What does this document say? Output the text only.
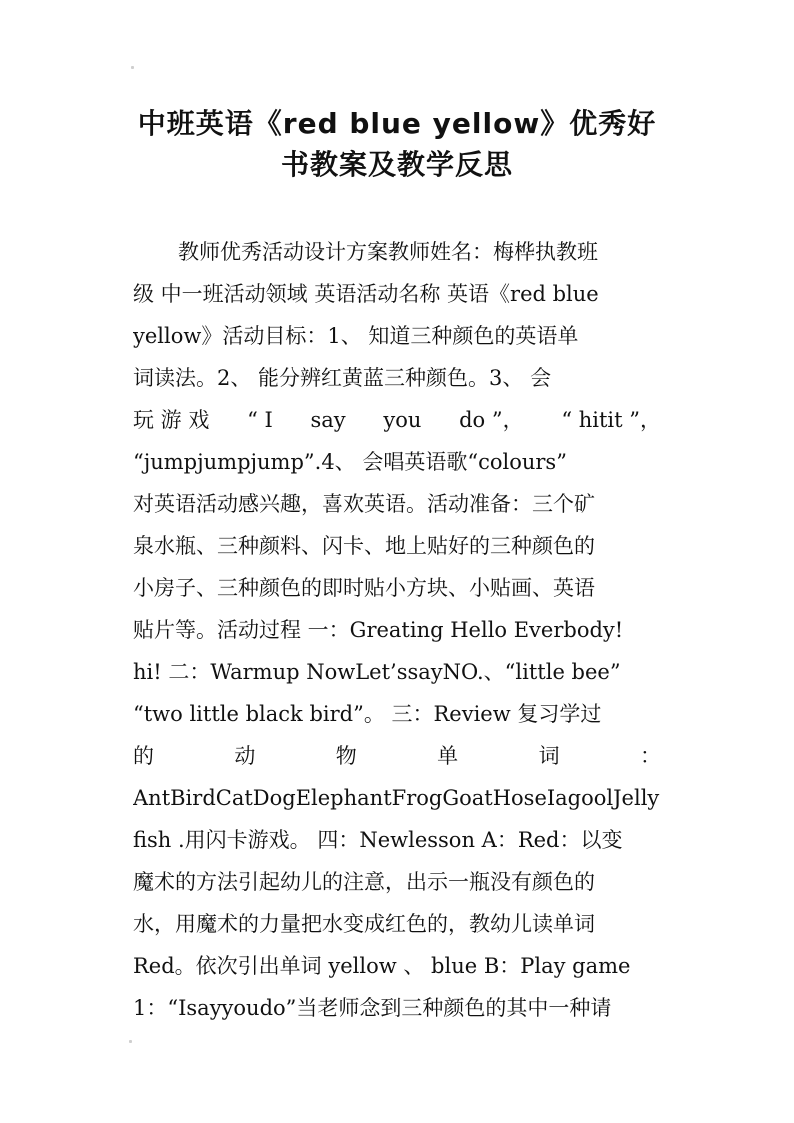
中班英语《red blue yellow》优秀好
书教案及教学反思
教师优秀活动设计方案教师姓名：梅桦执教班
级 中一班活动领域 英语活动名称 英语《red blue
yellow》活动目标：1、 知道三种颜色的英语单
词读法。2、 能分辨红黄蓝三种颜色。3、 会
玩 游 戏 “ I say you do ”， “ hitit ”，
“jumpjumpjump”.4、 会唱英语歌“colours”
对英语活动感兴趣，喜欢英语。活动准备：三个矿
泉水瓶、三种颜料、闪卡、地上贴好的三种颜色的
小房子、三种颜色的即时贴小方块、小贴画、英语
贴片等。活动过程 一：Greating Hello Everbody!
hi! 二：Warmup NowLet’ssayNO.、“little bee”
“two little black bird”。 三：Review 复习学过
的	动	物	单	词	：
AntBirdCatDogElephantFrogGoatHoseIagoolJelly
fish .用闪卡游戏。 四：Newlesson A：Red：以变
魔术的方法引起幼儿的注意，出示一瓶没有颜色的
水，用魔术的力量把水变成红色的，教幼儿读单词
Red。依次引出单词 yellow 、 blue B：Play game
1：“Isayyoudo”当老师念到三种颜色的其中一种请
